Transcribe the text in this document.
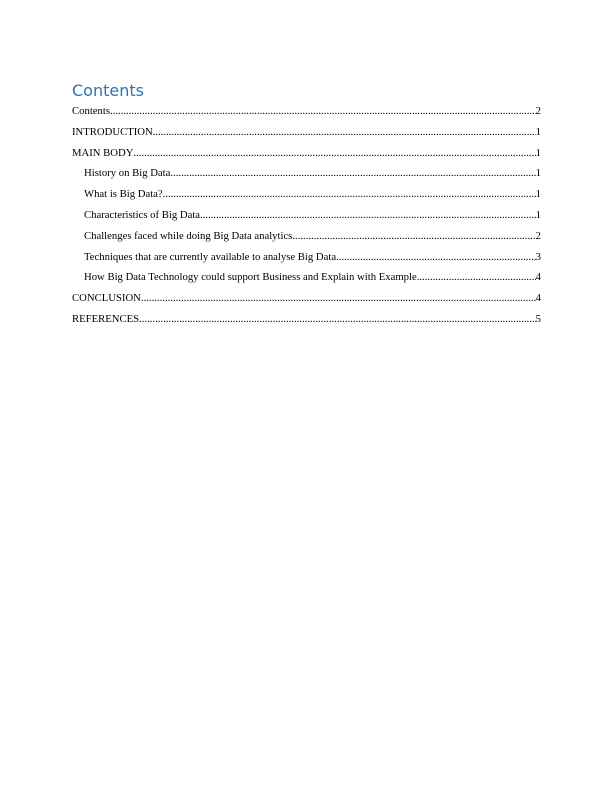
Contents
Contents .....	2
INTRODUCTION .....	1
MAIN BODY .....	1
History on Big Data .....	1
What is Big Data? .....	1
Characteristics of Big Data .....	1
Challenges faced while doing Big Data analytics .....	2
Techniques that are currently available to analyse Big Data .....	3
How Big Data Technology could support Business and Explain with Example .....	4
CONCLUSION .....	4
REFERENCES .....	5
